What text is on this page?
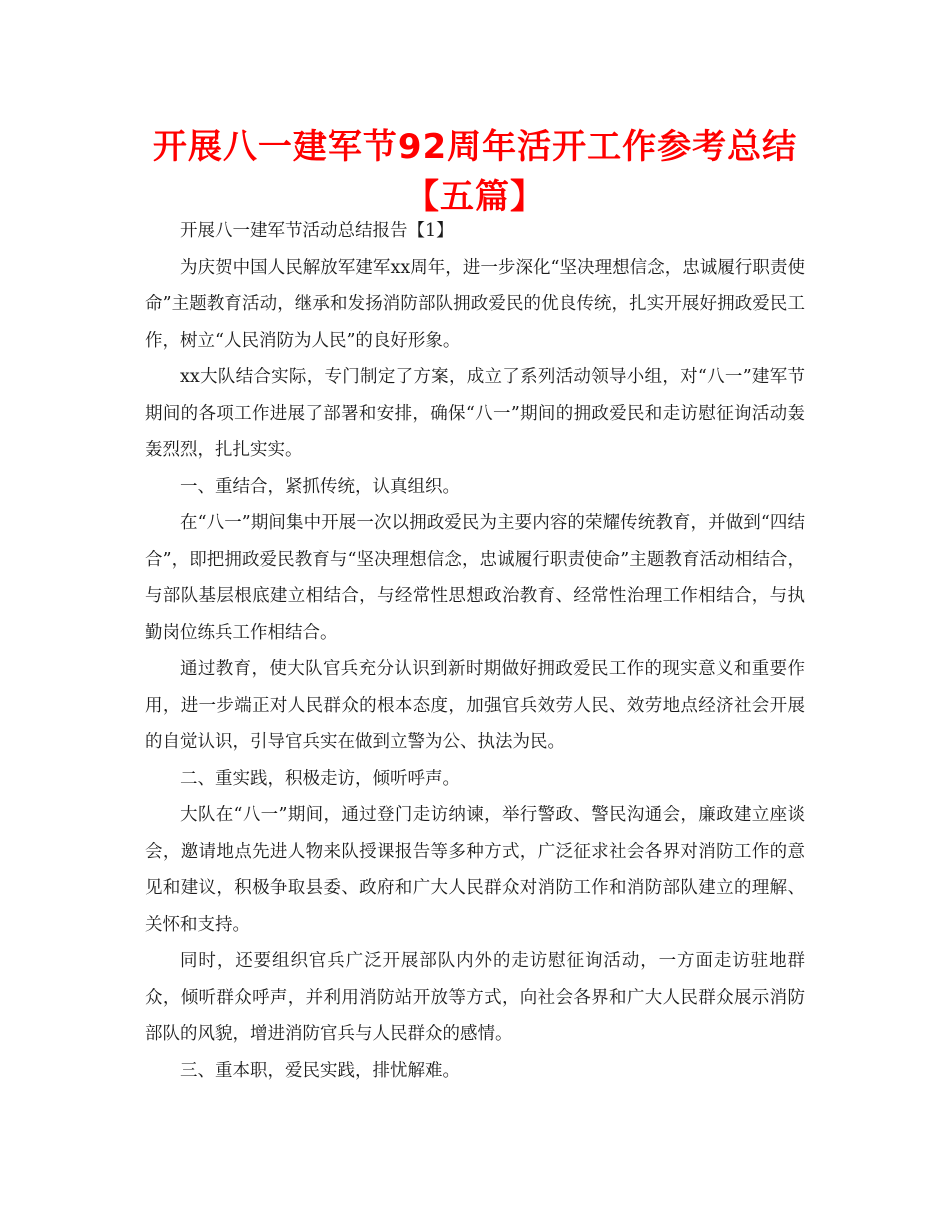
开展八一建军节92周年活开工作参考总结【五篇】

开展八一建军节活动总结报告【1】

为庆贺中国人民解放军建军xx周年，进一步深化“坚决理想信念，忠诚履行职责使命”主题教育活动，继承和发扬消防部队拥政爱民的优良传统，扎实开展好拥政爱民工作，树立“人民消防为人民”的良好形象。

xx大队结合实际，专门制定了方案，成立了系列活动领导小组，对“八一”建军节期间的各项工作进展了部署和安排，确保“八一”期间的拥政爱民和走访慰征询活动轰轰烈烈，扎扎实实。

一、重结合，紧抓传统，认真组织。

在“八一”期间集中开展一次以拥政爱民为主要内容的荣耀传统教育，并做到“四结合”，即把拥政爱民教育与“坚决理想信念，忠诚履行职责使命”主题教育活动相结合，与部队基层根底建立相结合，与经常性思想政治教育、经常性治理工作相结合，与执勤岗位练兵工作相结合。

通过教育，使大队官兵充分认识到新时期做好拥政爱民工作的现实意义和重要作用，进一步端正对人民群众的根本态度，加强官兵效劳人民、效劳地点经济社会开展的自觉认识，引导官兵实在做到立警为公、执法为民。

二、重实践，积极走访，倾听呼声。

大队在“八一”期间，通过登门走访纳谏，举行警政、警民沟通会，廉政建立座谈会，邀请地点先进人物来队授课报告等多种方式，广泛征求社会各界对消防工作的意见和建议，积极争取县委、政府和广大人民群众对消防工作和消防部队建立的理解、关怀和支持。

同时，还要组织官兵广泛开展部队内外的走访慰征询活动，一方面走访驻地群众，倾听群众呼声，并利用消防站开放等方式，向社会各界和广大人民群众展示消防部队的风貌，增进消防官兵与人民群众的感情。

三、重本职，爱民实践，排忧解难。
